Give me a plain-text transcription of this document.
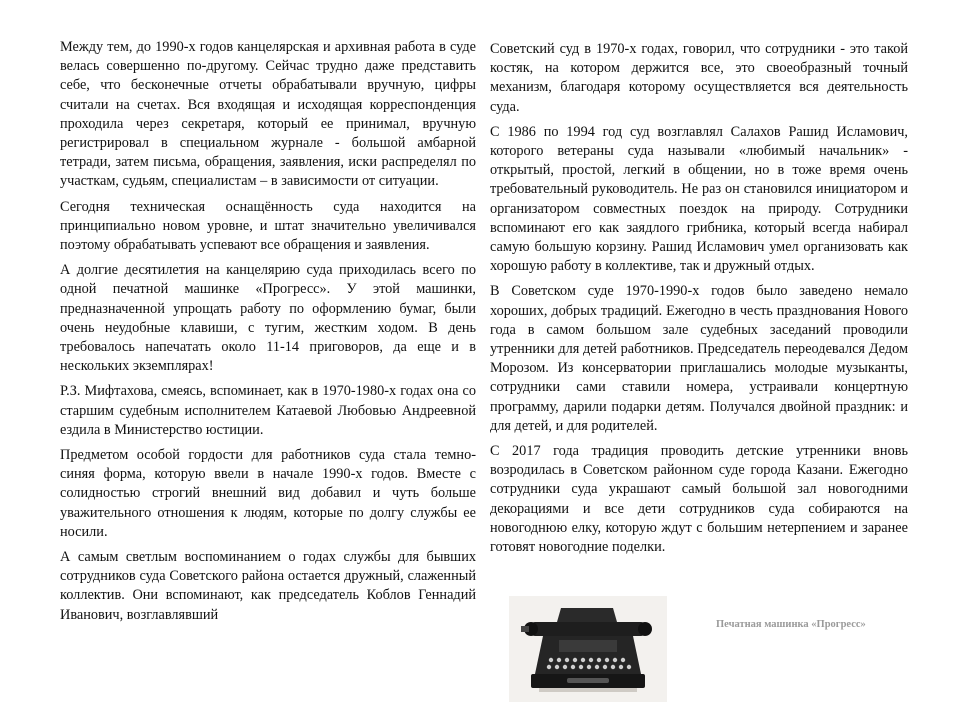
Между тем, до 1990-х годов канцелярская и архивная работа в суде велась совершенно по-другому. Сейчас трудно даже представить себе, что бесконечные отчеты обрабатывали вручную, цифры считали на счетах. Вся входящая и исходящая корреспонденция проходила через секретаря, который ее принимал, вручную регистрировал в специальном журнале - большой амбарной тетради, затем письма, обращения, заявления, иски распределял по участкам, судьям, специалистам – в зависимости от ситуации.

Сегодня техническая оснащённость суда находится на принципиально новом уровне, и штат значительно увеличивался поэтому обрабатывать успевают все обращения и заявления.

А долгие десятилетия на канцелярию суда приходилась всего по одной печатной машинке «Прогресс». У этой машинки, предназначенной упрощать работу по оформлению бумаг, были очень неудобные клавиши, с тугим, жестким ходом. В день требовалось напечатать около 11-14 приговоров, да еще и в нескольких экземплярах!

Р.З. Мифтахова, смеясь, вспоминает, как в 1970-1980-х годах она со старшим судебным исполнителем Катаевой Любовью Андреевной ездила в Министерство юстиции.

Предметом особой гордости для работников суда стала темно-синяя форма, которую ввели в начале 1990-х годов. Вместе с солидностью строгий внешний вид добавил и чуть больше уважительного отношения к людям, которые по долгу службы ее носили.

А самым светлым воспоминанием о годах службы для бывших сотрудников суда Советского района остается дружный, слаженный коллектив. Они вспоминают, как председатель Коблов Геннадий Иванович, возглавлявший

Советский суд в 1970-х годах, говорил, что сотрудники - это такой костяк, на котором держится все, это своеобразный точный механизм, благодаря которому осуществляется вся деятельность суда.

С 1986 по 1994 год суд возглавлял Салахов Рашид Исламович, которого ветераны суда называли «любимый начальник» - открытый, простой, легкий в общении, но в тоже время очень требовательный руководитель. Не раз он становился инициатором и организатором совместных поездок на природу. Сотрудники вспоминают его как заядлого грибника, который всегда набирал самую большую корзину. Рашид Исламович умел организовать как хорошую работу в коллективе, так и дружный отдых.

В Советском суде 1970-1990-х годов было заведено немало хороших, добрых традиций. Ежегодно в честь празднования Нового года в самом большом зале судебных заседаний проводили утренники для детей работников. Председатель переодевался Дедом Морозом. Из консерватории приглашались молодые музыканты, сотрудники сами ставили номера, устраивали концертную программу, дарили подарки детям. Получался двойной праздник: и для детей, и для родителей.

С 2017 года традиция проводить детские утренники вновь возродилась в Советском районном суде города Казани. Ежегодно сотрудники суда украшают самый большой зал новогодними декорациями и все дети сотрудников суда собираются на новогоднюю елку, которую ждут с большим нетерпением и заранее готовят новогодние поделки.

Печатная машинка «Прогресс»
